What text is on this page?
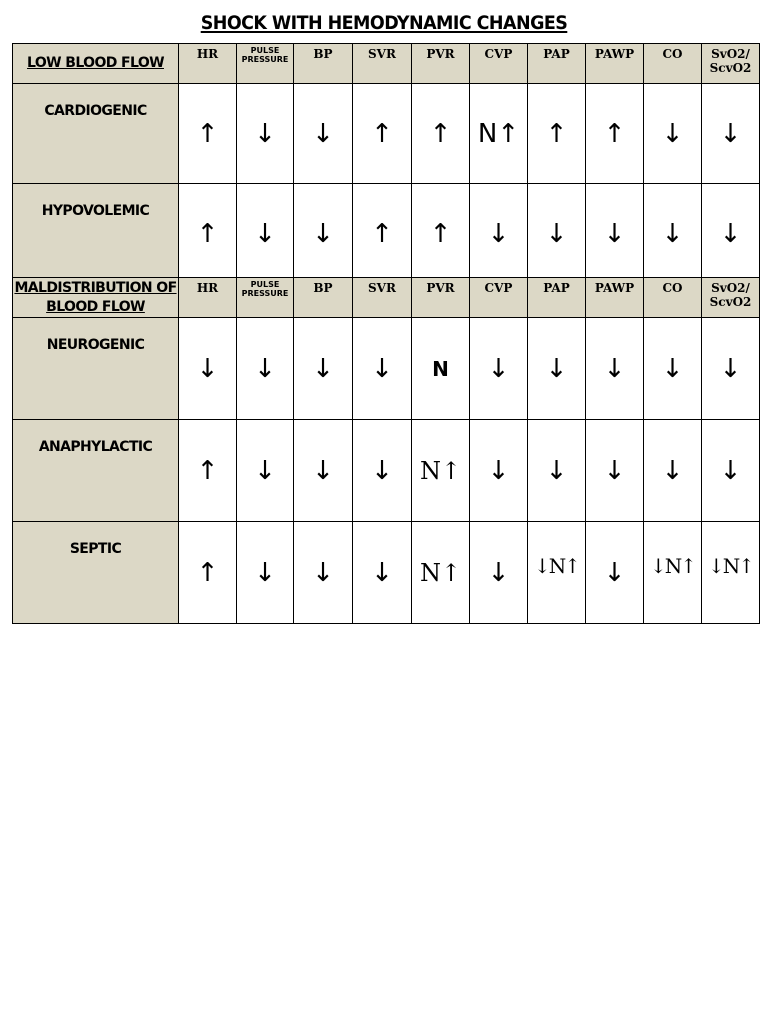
SHOCK WITH HEMODYNAMIC CHANGES
LOW BLOOD FLOW	HR	PULSE PRESSURE	BP	SVR	PVR	CVP	PAP	PAWP	CO	SvO2/ ScvO2
CARDIOGENIC	↑	↓	↓	↑	↑	N↑	↑	↑	↓	↓
HYPOVOLEMIC	↑	↓	↓	↑	↑	↓	↓	↓	↓	↓
MALDISTRIBUTION OF BLOOD FLOW	HR	PULSE PRESSURE	BP	SVR	PVR	CVP	PAP	PAWP	CO	SvO2/ ScvO2
NEUROGENIC	↓	↓	↓	↓	N	↓	↓	↓	↓	↓
ANAPHYLACTIC	↑	↓	↓	↓	N↑	↓	↓	↓	↓	↓
SEPTIC	↑	↓	↓	↓	N↑	↓	↓N↑	↓	↓N↑	↓N↑
